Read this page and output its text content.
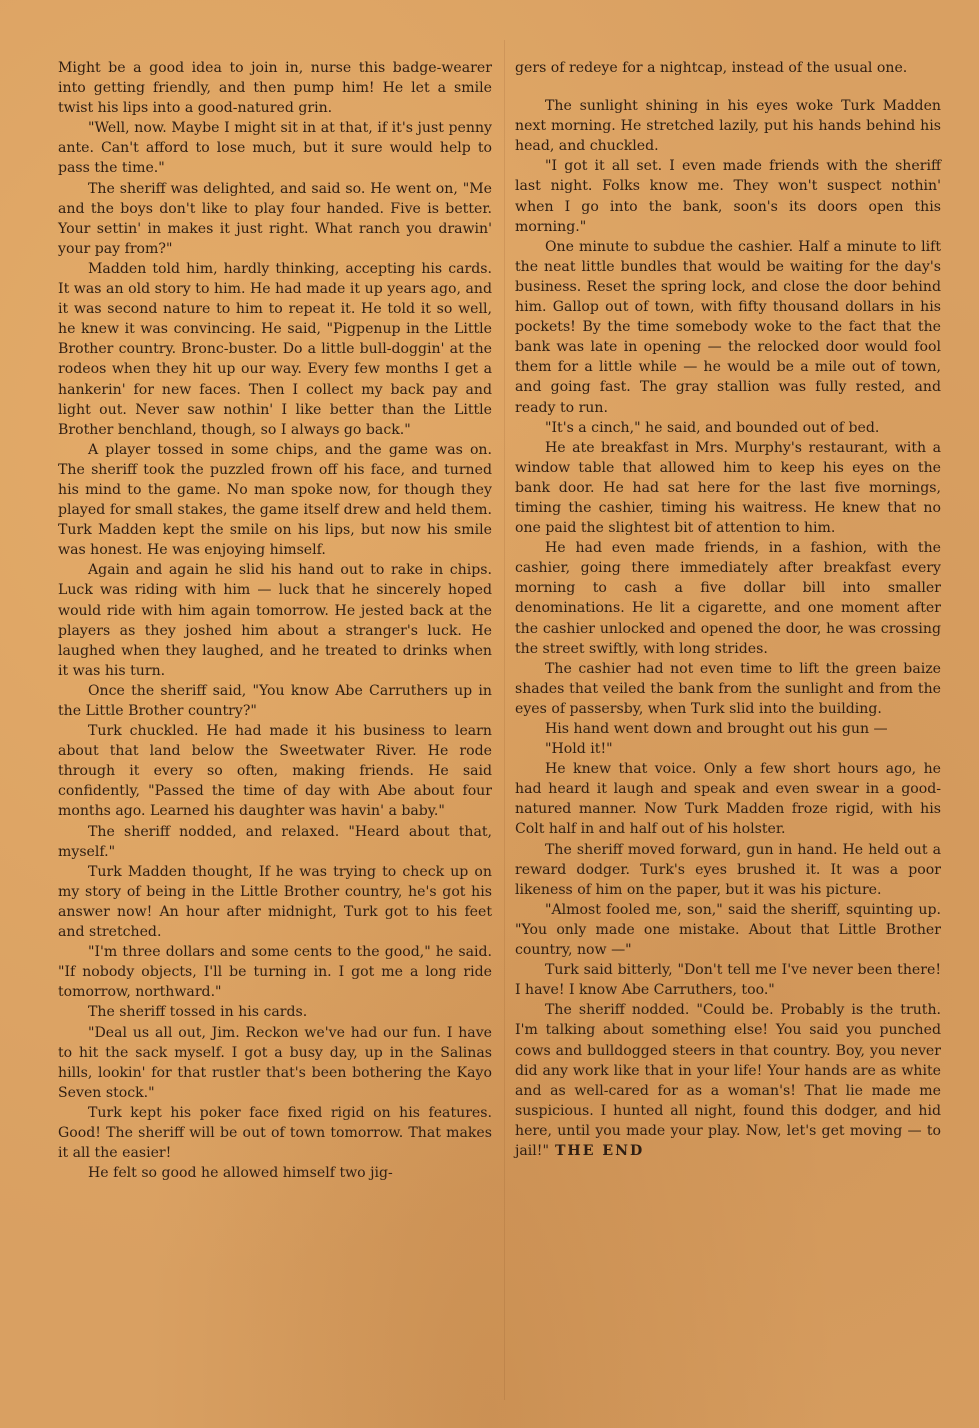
Might be a good idea to join in, nurse this badge-wearer into getting friendly, and then pump him! He let a smile twist his lips into a good-natured grin.

"Well, now. Maybe I might sit in at that, if it's just penny ante. Can't afford to lose much, but it sure would help to pass the time."

The sheriff was delighted, and said so. He went on, "Me and the boys don't like to play four handed. Five is better. Your settin' in makes it just right. What ranch you drawin' your pay from?"

Madden told him, hardly thinking, accepting his cards. It was an old story to him. He had made it up years ago, and it was second nature to him to repeat it. He told it so well, he knew it was convincing. He said, "Pigpenup in the Little Brother country. Bronc-buster. Do a little bull-doggin' at the rodeos when they hit up our way. Every few months I get a hankerin' for new faces. Then I collect my back pay and light out. Never saw nothin' I like better than the Little Brother benchland, though, so I always go back."

A player tossed in some chips, and the game was on. The sheriff took the puzzled frown off his face, and turned his mind to the game. No man spoke now, for though they played for small stakes, the game itself drew and held them. Turk Madden kept the smile on his lips, but now his smile was honest. He was enjoying himself.

Again and again he slid his hand out to rake in chips. Luck was riding with him — luck that he sincerely hoped would ride with him again tomorrow. He jested back at the players as they joshed him about a stranger's luck. He laughed when they laughed, and he treated to drinks when it was his turn.

Once the sheriff said, "You know Abe Carruthers up in the Little Brother country?"

Turk chuckled. He had made it his business to learn about that land below the Sweetwater River. He rode through it every so often, making friends. He said confidently, "Passed the time of day with Abe about four months ago. Learned his daughter was havin' a baby."

The sheriff nodded, and relaxed. "Heard about that, myself."

Turk Madden thought, If he was trying to check up on my story of being in the Little Brother country, he's got his answer now! An hour after midnight, Turk got to his feet and stretched.

"I'm three dollars and some cents to the good," he said. "If nobody objects, I'll be turning in. I got me a long ride tomorrow, northward."

The sheriff tossed in his cards.

"Deal us all out, Jim. Reckon we've had our fun. I have to hit the sack myself. I got a busy day, up in the Salinas hills, lookin' for that rustler that's been bothering the Kayo Seven stock."

Turk kept his poker face fixed rigid on his features. Good! The sheriff will be out of town tomorrow. That makes it all the easier!

He felt so good he allowed himself two jig-

gers of redeye for a nightcap, instead of the usual one.

The sunlight shining in his eyes woke Turk Madden next morning. He stretched lazily, put his hands behind his head, and chuckled.

"I got it all set. I even made friends with the sheriff last night. Folks know me. They won't suspect nothin' when I go into the bank, soon's its doors open this morning."

One minute to subdue the cashier. Half a minute to lift the neat little bundles that would be waiting for the day's business. Reset the spring lock, and close the door behind him. Gallop out of town, with fifty thousand dollars in his pockets! By the time somebody woke to the fact that the bank was late in opening — the relocked door would fool them for a little while — he would be a mile out of town, and going fast. The gray stallion was fully rested, and ready to run.

"It's a cinch," he said, and bounded out of bed.

He ate breakfast in Mrs. Murphy's restaurant, with a window table that allowed him to keep his eyes on the bank door. He had sat here for the last five mornings, timing the cashier, timing his waitress. He knew that no one paid the slightest bit of attention to him.

He had even made friends, in a fashion, with the cashier, going there immediately after breakfast every morning to cash a five dollar bill into smaller denominations. He lit a cigarette, and one moment after the cashier unlocked and opened the door, he was crossing the street swiftly, with long strides.

The cashier had not even time to lift the green baize shades that veiled the bank from the sunlight and from the eyes of passersby, when Turk slid into the building.

His hand went down and brought out his gun —

"Hold it!"

He knew that voice. Only a few short hours ago, he had heard it laugh and speak and even swear in a good-natured manner. Now Turk Madden froze rigid, with his Colt half in and half out of his holster.

The sheriff moved forward, gun in hand. He held out a reward dodger. Turk's eyes brushed it. It was a poor likeness of him on the paper, but it was his picture.

"Almost fooled me, son," said the sheriff, squinting up. "You only made one mistake. About that Little Brother country, now —"

Turk said bitterly, "Don't tell me I've never been there! I have! I know Abe Carruthers, too."

The sheriff nodded. "Could be. Probably is the truth. I'm talking about something else! You said you punched cows and bulldogged steers in that country. Boy, you never did any work like that in your life! Your hands are as white and as well-cared for as a woman's! That lie made me suspicious. I hunted all night, found this dodger, and hid here, until you made your play. Now, let's get moving — to jail!" THE END
